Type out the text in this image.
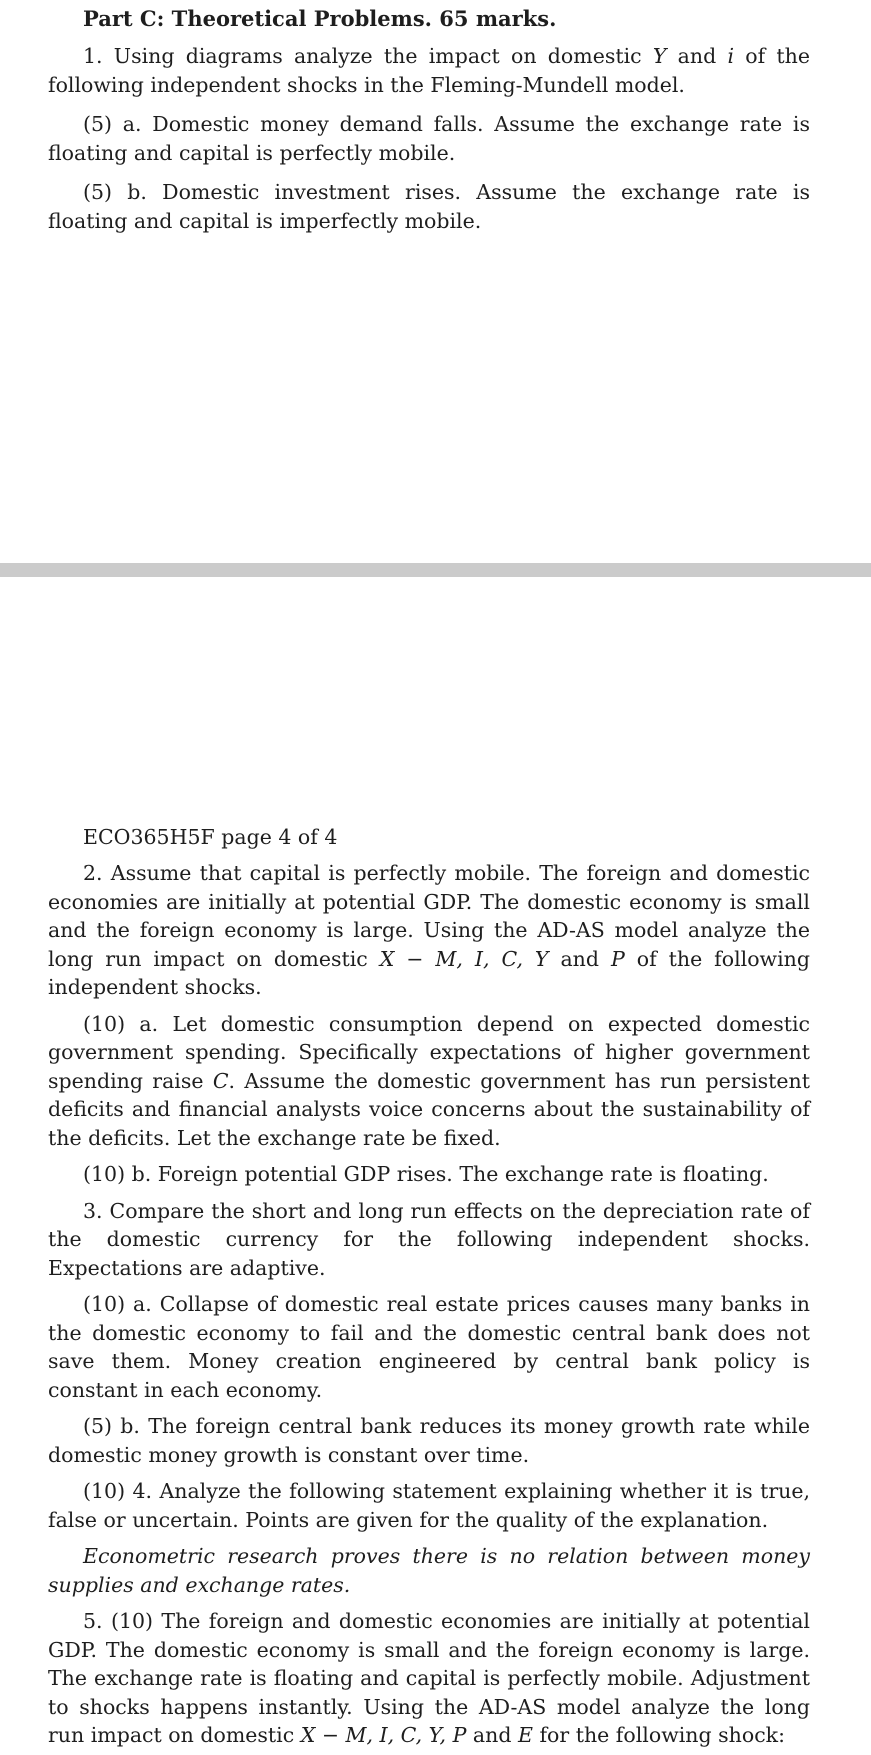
Part C: Theoretical Problems. 65 marks.

1. Using diagrams analyze the impact on domestic Y and i of the following independent shocks in the Fleming-Mundell model.

(5) a. Domestic money demand falls. Assume the exchange rate is floating and capital is perfectly mobile.

(5) b. Domestic investment rises. Assume the exchange rate is floating and capital is imperfectly mobile.

ECO365H5F page 4 of 4

2. Assume that capital is perfectly mobile. The foreign and domestic economies are initially at potential GDP. The domestic economy is small and the foreign economy is large. Using the AD-AS model analyze the long run impact on domestic X − M, I, C, Y and P of the following independent shocks.

(10) a. Let domestic consumption depend on expected domestic government spending. Specifically expectations of higher government spending raise C. Assume the domestic government has run persistent deficits and financial analysts voice concerns about the sustainability of the deficits. Let the exchange rate be fixed.

(10) b. Foreign potential GDP rises. The exchange rate is floating.

3. Compare the short and long run effects on the depreciation rate of the domestic currency for the following independent shocks. Expectations are adaptive.

(10) a. Collapse of domestic real estate prices causes many banks in the domestic economy to fail and the domestic central bank does not save them. Money creation engineered by central bank policy is constant in each economy.

(5) b. The foreign central bank reduces its money growth rate while domestic money growth is constant over time.

(10) 4. Analyze the following statement explaining whether it is true, false or uncertain. Points are given for the quality of the explanation.

Econometric research proves there is no relation between money supplies and exchange rates.

5. (10) The foreign and domestic economies are initially at potential GDP. The domestic economy is small and the foreign economy is large. The exchange rate is floating and capital is perfectly mobile. Adjustment to shocks happens instantly. Using the AD-AS model analyze the long run impact on domestic X − M, I, C, Y, P and E for the following shock:
